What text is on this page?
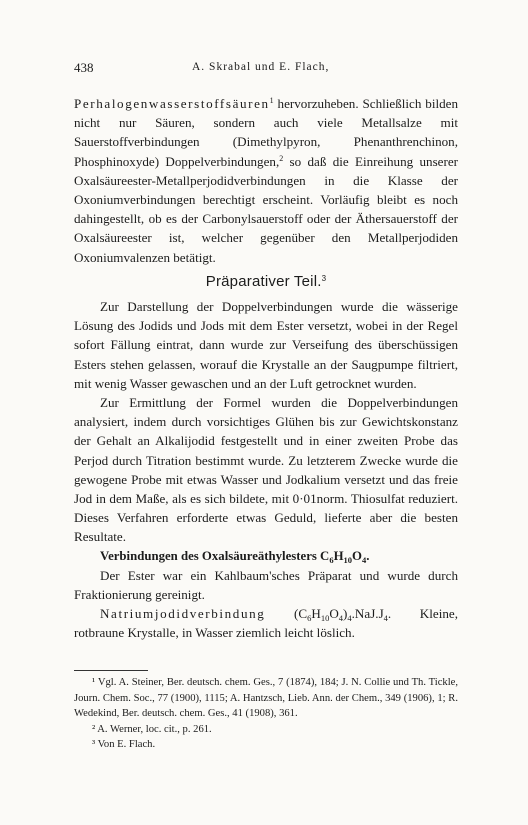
438	A. Skrabal und E. Flach,

Perhalogenwasserstoffsäuren$^1$ hervorzuheben. Schließlich bilden nicht nur Säuren, sondern auch viele Metallsalze mit Sauerstoffverbindungen (Dimethylpyron, Phenanthrenchinon, Phosphinoxyde) Doppelverbindungen,$^2$ so daß die Einreihung unserer Oxalsäureester-Metallperjodidverbindungen in die Klasse der Oxoniumverbindungen berechtigt erscheint. Vorläufig bleibt es noch dahingestellt, ob es der Carbonylsauerstoff oder der Äthersauerstoff der Oxalsäureester ist, welcher gegenüber den Metallperjodiden Oxoniumvalenzen betätigt.

Präparativer Teil.$^3$

Zur Darstellung der Doppelverbindungen wurde die wässerige Lösung des Jodids und Jods mit dem Ester versetzt, wobei in der Regel sofort Fällung eintrat, dann wurde zur Verseifung des überschüssigen Esters stehen gelassen, worauf die Krystalle an der Saugpumpe filtriert, mit wenig Wasser gewaschen und an der Luft getrocknet wurden.

Zur Ermittlung der Formel wurden die Doppelverbindungen analysiert, indem durch vorsichtiges Glühen bis zur Gewichtskonstanz der Gehalt an Alkalijodid festgestellt und in einer zweiten Probe das Perjod durch Titration bestimmt wurde. Zu letzterem Zwecke wurde die gewogene Probe mit etwas Wasser und Jodkalium versetzt und das freie Jod in dem Maße, als es sich bildete, mit 0·01norm. Thiosulfat reduziert. Dieses Verfahren erforderte etwas Geduld, lieferte aber die besten Resultate.

Verbindungen des Oxalsäureäthylesters $C_6H_{10}O_4$.

Der Ester war ein Kahlbaum'sches Präparat und wurde durch Fraktionierung gereinigt.

Natriumjodidverbindung $(C_6H_{10}O_4)_4.NaJ.J_4$. Kleine, rotbraune Krystalle, in Wasser ziemlich leicht löslich.

¹ Vgl. A. Steiner, Ber. deutsch. chem. Ges., 7 (1874), 184; J. N. Collie und Th. Tickle, Journ. Chem. Soc., 77 (1900), 1115; A. Hantzsch, Lieb. Ann. der Chem., 349 (1906), 1; R. Wedekind, Ber. deutsch. chem. Ges., 41 (1908), 361.

² A. Werner, loc. cit., p. 261.

³ Von E. Flach.
